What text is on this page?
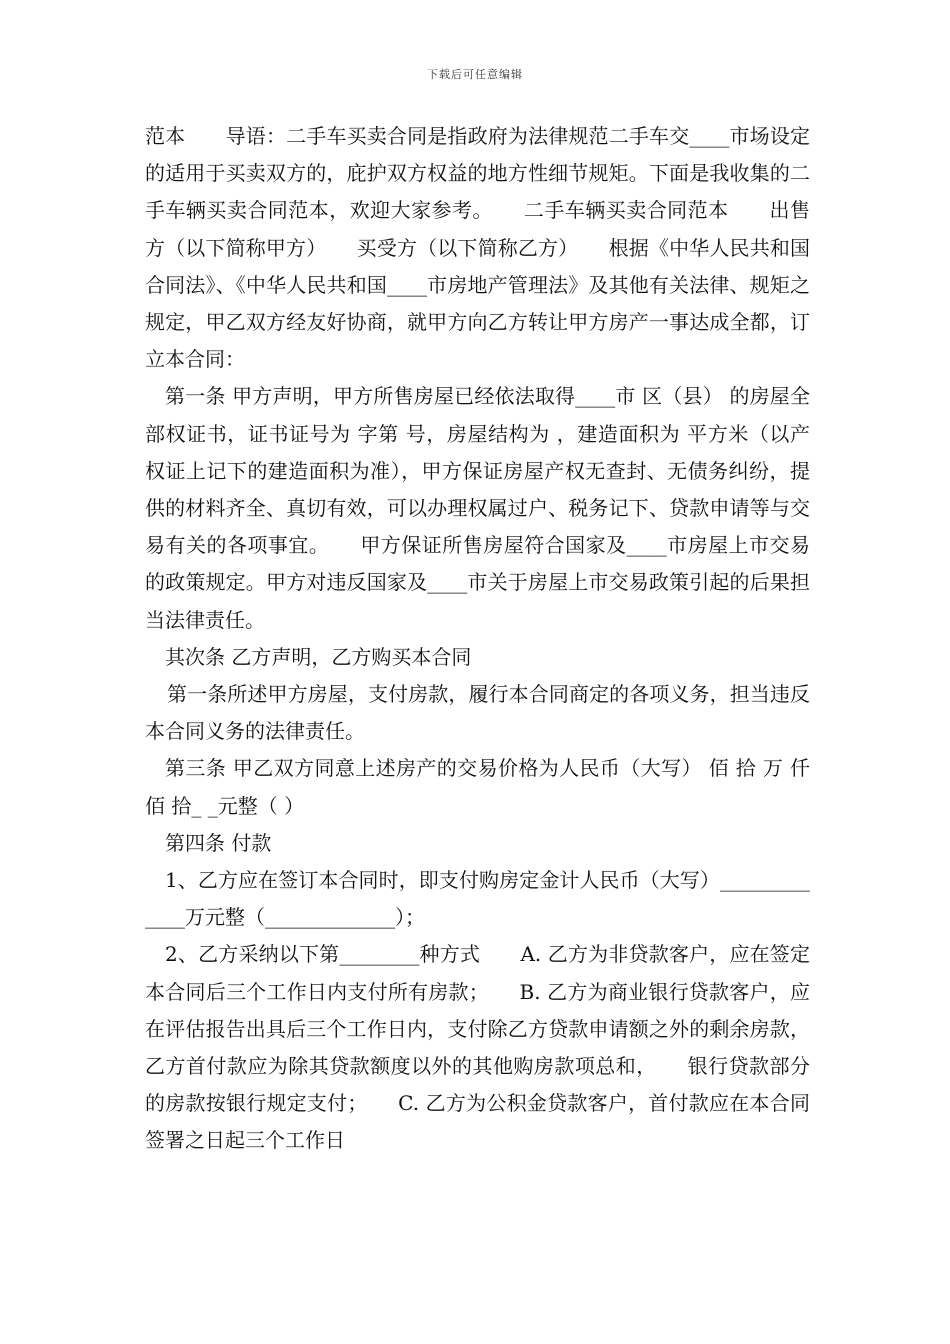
下载后可任意编辑

范本　　导语：二手车买卖合同是指政府为法律规范二手车交____市场设定的适用于买卖双方的，庇护双方权益的地方性细节规矩。下面是我收集的二手车辆买卖合同范本，欢迎大家参考。　　二手车辆买卖合同范本　　出售方（以下简称甲方）　　买受方（以下简称乙方）　　根据《中华人民共和国合同法》、《中华人民共和国____市房地产管理法》及其他有关法律、规矩之规定，甲乙双方经友好协商，就甲方向乙方转让甲方房产一事达成全都，订立本合同：

第一条 甲方声明，甲方所售房屋已经依法取得____市 区（县） 的房屋全部权证书，证书证号为 字第 号，房屋结构为 ，建造面积为 平方米（以产权证上记下的建造面积为准），甲方保证房屋产权无查封、无债务纠纷，提供的材料齐全、真切有效，可以办理权属过户、税务记下、贷款申请等与交易有关的各项事宜。　　甲方保证所售房屋符合国家及____市房屋上市交易的政策规定。甲方对违反国家及____市关于房屋上市交易政策引起的后果担当法律责任。

其次条 乙方声明，乙方购买本合同

第一条所述甲方房屋，支付房款，履行本合同商定的各项义务，担当违反本合同义务的法律责任。

第三条 甲乙双方同意上述房产的交易价格为人民币（大写） 佰 拾 万 仟 佰 拾_ _元整（ ）

第四条 付款

1、乙方应在签订本合同时，即支付购房定金计人民币（大写）_____________万元整（_____________）；

2、乙方采纳以下第________种方式　　A. 乙方为非贷款客户，应在签定本合同后三个工作日内支付所有房款；　　B. 乙方为商业银行贷款客户，应在评估报告出具后三个工作日内，支付除乙方贷款申请额之外的剩余房款，乙方首付款应为除其贷款额度以外的其他购房款项总和，　　银行贷款部分的房款按银行规定支付；　　C. 乙方为公积金贷款客户，首付款应在本合同签署之日起三个工作日
